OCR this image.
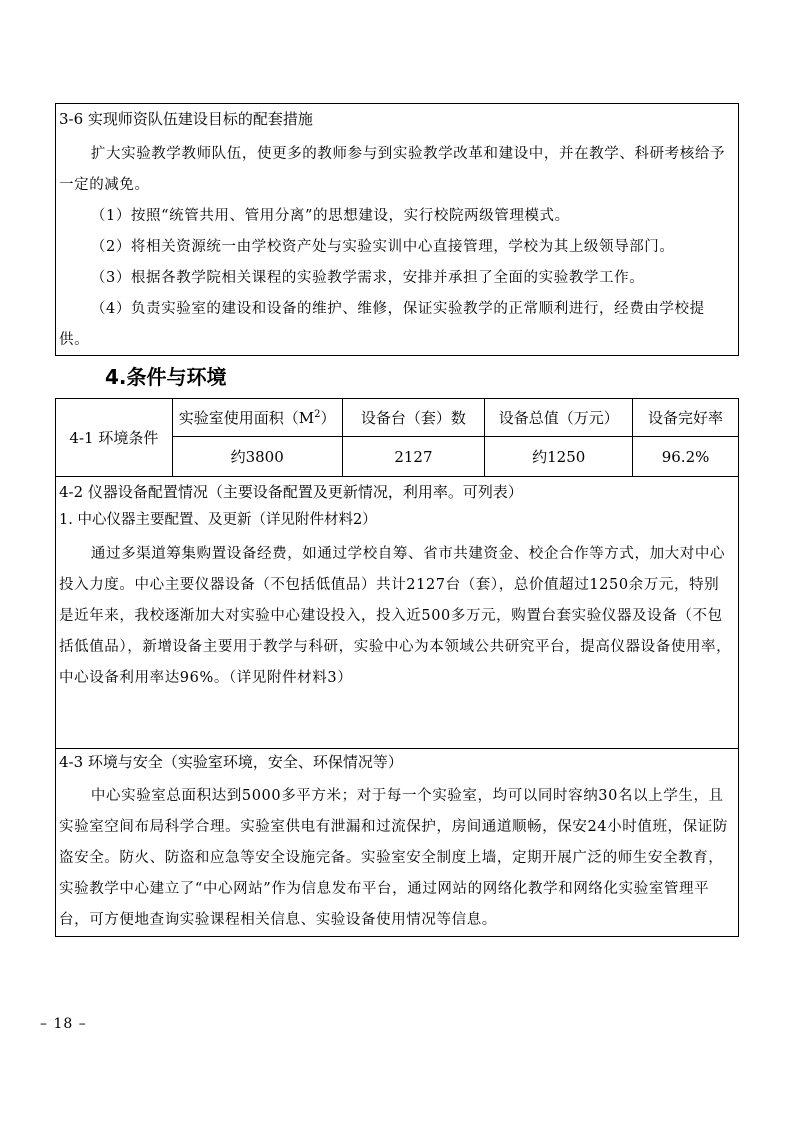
3-6 实现师资队伍建设目标的配套措施
扩大实验教学教师队伍，使更多的教师参与到实验教学改革和建设中，并在教学、科研考核给予一定的减免。
（1）按照“统管共用、管用分离”的思想建设，实行校院两级管理模式。
（2）将相关资源统一由学校资产处与实验实训中心直接管理，学校为其上级领导部门。
（3）根据各教学院相关课程的实验教学需求，安排并承担了全面的实验教学工作。
（4）负责实验室的建设和设备的维护、维修，保证实验教学的正常顺利进行，经费由学校提供。
4.条件与环境
4-1 环境条件	实验室使用面积$(M^2)$	设备台（套）数	设备总值（万元）	设备完好率
	约3800	2127	约1250	96.2%
4-2 仪器设备配置情况（主要设备配置及更新情况，利用率。可列表）
1. 中心仪器主要配置、及更新（详见附件材料2）
通过多渠道筹集购置设备经费，如通过学校自筹、省市共建资金、校企合作等方式，加大对中心投入力度。中心主要仪器设备（不包括低值品）共计2127台（套），总价值超过1250余万元，特别是近年来，我校逐渐加大对实验中心建设投入，投入近500多万元，购置台套实验仪器及设备（不包括低值品），新增设备主要用于教学与科研，实验中心为本领域公共研究平台，提高仪器设备使用率，中心设备利用率达96%。（详见附件材料3）
4-3 环境与安全（实验室环境，安全、环保情况等）
中心实验室总面积达到5000多平方米；对于每一个实验室，均可以同时容纳30名以上学生，且实验室空间布局科学合理。实验室供电有泄漏和过流保护，房间通道顺畅，保安24小时值班，保证防盗安全。防火、防盗和应急等安全设施完备。实验室安全制度上墙，定期开展广泛的师生安全教育，实验教学中心建立了“中心网站”作为信息发布平台，通过网站的网络化教学和网络化实验室管理平台，可方便地查询实验课程相关信息、实验设备使用情况等信息。
– 18 –
